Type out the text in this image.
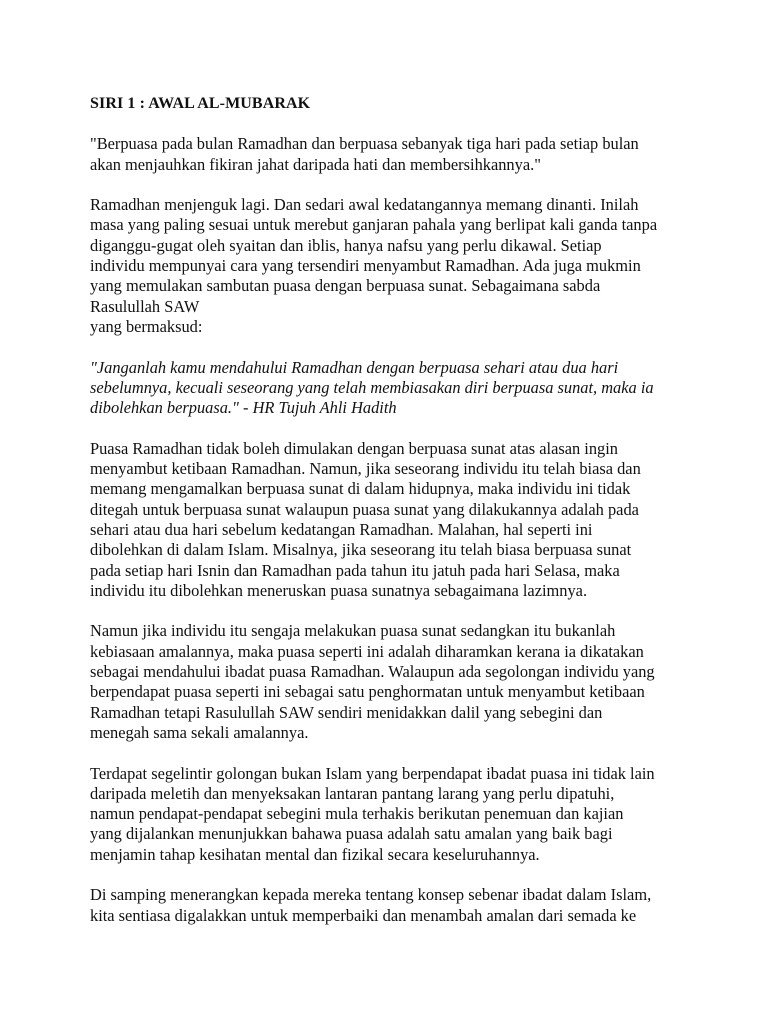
SIRI 1 : AWAL AL-MUBARAK
"Berpuasa pada bulan Ramadhan dan berpuasa sebanyak tiga hari pada setiap bulan
akan menjauhkan fikiran jahat daripada hati dan membersihkannya."
Ramadhan menjenguk lagi. Dan sedari awal kedatangannya memang dinanti. Inilah
masa yang paling sesuai untuk merebut ganjaran pahala yang berlipat kali ganda tanpa
diganggu-gugat oleh syaitan dan iblis, hanya nafsu yang perlu dikawal. Setiap
individu mempunyai cara yang tersendiri menyambut Ramadhan. Ada juga mukmin
yang memulakan sambutan puasa dengan berpuasa sunat. Sebagaimana sabda
Rasulullah SAW
yang bermaksud:
"Janganlah kamu mendahului Ramadhan dengan berpuasa sehari atau dua hari
sebelumnya, kecuali seseorang yang telah membiasakan diri berpuasa sunat, maka ia
dibolehkan berpuasa." - HR Tujuh Ahli Hadith
Puasa Ramadhan tidak boleh dimulakan dengan berpuasa sunat atas alasan ingin
menyambut ketibaan Ramadhan. Namun, jika seseorang individu itu telah biasa dan
memang mengamalkan berpuasa sunat di dalam hidupnya, maka individu ini tidak
ditegah untuk berpuasa sunat walaupun puasa sunat yang dilakukannya adalah pada
sehari atau dua hari sebelum kedatangan Ramadhan. Malahan, hal seperti ini
dibolehkan di dalam Islam. Misalnya, jika seseorang itu telah biasa berpuasa sunat
pada setiap hari Isnin dan Ramadhan pada tahun itu jatuh pada hari Selasa, maka
individu itu dibolehkan meneruskan puasa sunatnya sebagaimana lazimnya.
Namun jika individu itu sengaja melakukan puasa sunat sedangkan itu bukanlah
kebiasaan amalannya, maka puasa seperti ini adalah diharamkan kerana ia dikatakan
sebagai mendahului ibadat puasa Ramadhan. Walaupun ada segolongan individu yang
berpendapat puasa seperti ini sebagai satu penghormatan untuk menyambut ketibaan
Ramadhan tetapi Rasulullah SAW sendiri menidakkan dalil yang sebegini dan
menegah sama sekali amalannya.
Terdapat segelintir golongan bukan Islam yang berpendapat ibadat puasa ini tidak lain
daripada meletih dan menyeksakan lantaran pantang larang yang perlu dipatuhi,
namun pendapat-pendapat sebegini mula terhakis berikutan penemuan dan kajian
yang dijalankan menunjukkan bahawa puasa adalah satu amalan yang baik bagi
menjamin tahap kesihatan mental dan fizikal secara keseluruhannya.
Di samping menerangkan kepada mereka tentang konsep sebenar ibadat dalam Islam,
kita sentiasa digalakkan untuk memperbaiki dan menambah amalan dari semada ke
